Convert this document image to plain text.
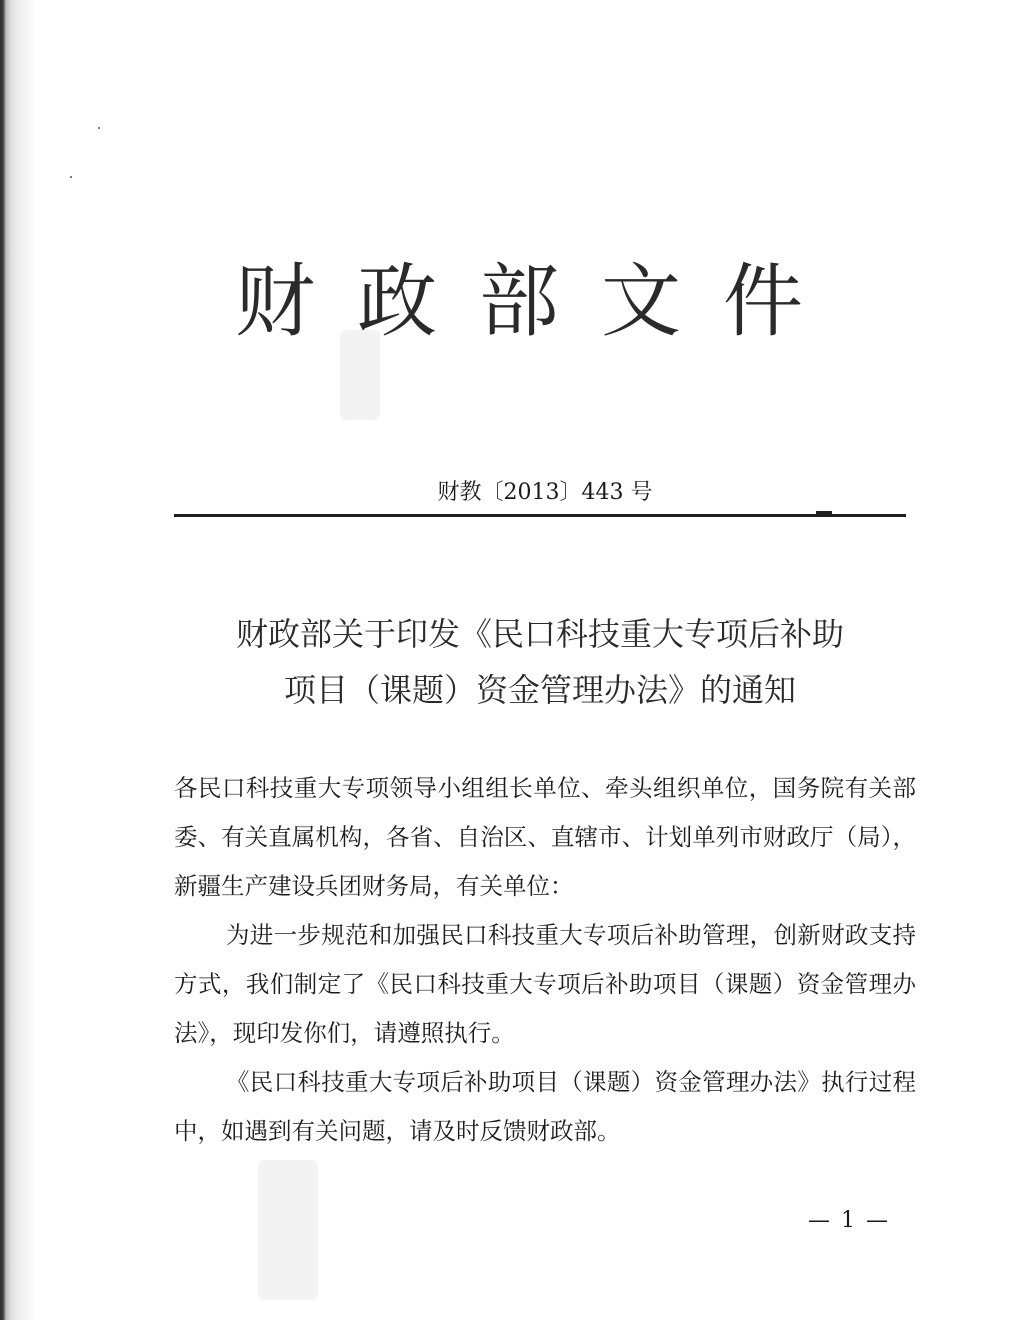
财政部文件
财教〔2013〕443 号
财政部关于印发《民口科技重大专项后补助
项目（课题）资金管理办法》的通知

各民口科技重大专项领导小组组长单位、牵头组织单位，国务院有关部委、有关直属机构，各省、自治区、直辖市、计划单列市财政厅（局），新疆生产建设兵团财务局，有关单位：

为进一步规范和加强民口科技重大专项后补助管理，创新财政支持方式，我们制定了《民口科技重大专项后补助项目（课题）资金管理办法》，现印发你们，请遵照执行。

《民口科技重大专项后补助项目（课题）资金管理办法》执行过程中，如遇到有关问题，请及时反馈财政部。

— 1 —
